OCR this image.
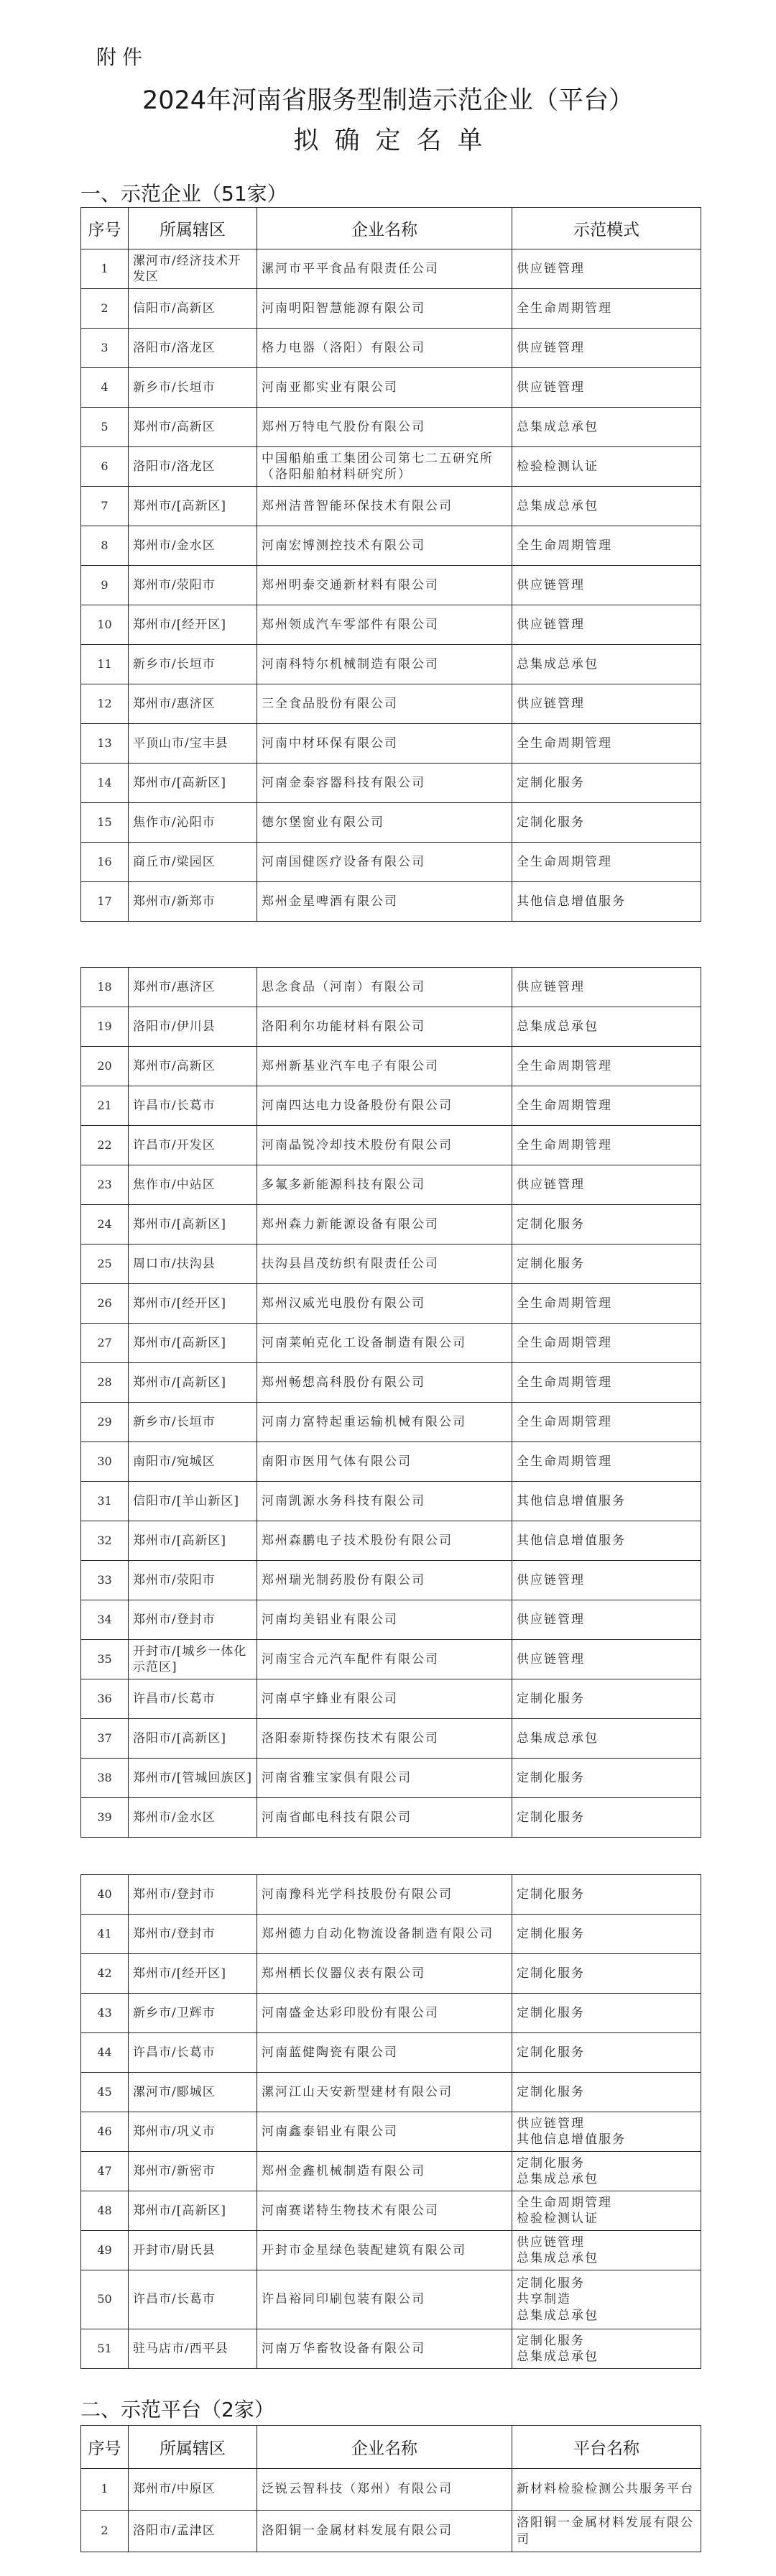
附件
2024年河南省服务型制造示范企业（平台）
拟确定名单
一、示范企业（51家）
序号	所属辖区	企业名称	示范模式
1	漯河市/经济技术开发区	漯河市平平食品有限责任公司	供应链管理
2	信阳市/高新区	河南明阳智慧能源有限公司	全生命周期管理
3	洛阳市/洛龙区	格力电器（洛阳）有限公司	供应链管理
4	新乡市/长垣市	河南亚都实业有限公司	供应链管理
5	郑州市/高新区	郑州万特电气股份有限公司	总集成总承包
6	洛阳市/洛龙区	中国船舶重工集团公司第七二五研究所（洛阳船舶材料研究所）	检验检测认证
7	郑州市/[高新区]	郑州洁普智能环保技术有限公司	总集成总承包
8	郑州市/金水区	河南宏博测控技术有限公司	全生命周期管理
9	郑州市/荥阳市	郑州明泰交通新材料有限公司	供应链管理
10	郑州市/[经开区]	郑州领成汽车零部件有限公司	供应链管理
11	新乡市/长垣市	河南科特尔机械制造有限公司	总集成总承包
12	郑州市/惠济区	三全食品股份有限公司	供应链管理
13	平顶山市/宝丰县	河南中材环保有限公司	全生命周期管理
14	郑州市/[高新区]	河南金泰容器科技有限公司	定制化服务
15	焦作市/沁阳市	德尔堡窗业有限公司	定制化服务
16	商丘市/梁园区	河南国健医疗设备有限公司	全生命周期管理
17	郑州市/新郑市	郑州金星啤酒有限公司	其他信息增值服务
18	郑州市/惠济区	思念食品（河南）有限公司	供应链管理
19	洛阳市/伊川县	洛阳利尔功能材料有限公司	总集成总承包
20	郑州市/高新区	郑州新基业汽车电子有限公司	全生命周期管理
21	许昌市/长葛市	河南四达电力设备股份有限公司	全生命周期管理
22	许昌市/开发区	河南晶锐冷却技术股份有限公司	全生命周期管理
23	焦作市/中站区	多氟多新能源科技有限公司	供应链管理
24	郑州市/[高新区]	郑州森力新能源设备有限公司	定制化服务
25	周口市/扶沟县	扶沟县昌茂纺织有限责任公司	定制化服务
26	郑州市/[经开区]	郑州汉威光电股份有限公司	全生命周期管理
27	郑州市/[高新区]	河南莱帕克化工设备制造有限公司	全生命周期管理
28	郑州市/[高新区]	郑州畅想高科股份有限公司	全生命周期管理
29	新乡市/长垣市	河南力富特起重运输机械有限公司	全生命周期管理
30	南阳市/宛城区	南阳市医用气体有限公司	全生命周期管理
31	信阳市/[羊山新区]	河南凯源水务科技有限公司	其他信息增值服务
32	郑州市/[高新区]	郑州森鹏电子技术股份有限公司	其他信息增值服务
33	郑州市/荥阳市	郑州瑞光制药股份有限公司	供应链管理
34	郑州市/登封市	河南均美铝业有限公司	供应链管理
35	开封市/[城乡一体化示范区]	河南宝合元汽车配件有限公司	供应链管理
36	许昌市/长葛市	河南卓宇蜂业有限公司	定制化服务
37	洛阳市/[高新区]	洛阳泰斯特探伤技术有限公司	总集成总承包
38	郑州市/[管城回族区]	河南省雅宝家俱有限公司	定制化服务
39	郑州市/金水区	河南省邮电科技有限公司	定制化服务
40	郑州市/登封市	河南豫科光学科技股份有限公司	定制化服务
41	郑州市/登封市	郑州德力自动化物流设备制造有限公司	定制化服务
42	郑州市/[经开区]	郑州栖长仪器仪表有限公司	定制化服务
43	新乡市/卫辉市	河南盛金达彩印股份有限公司	定制化服务
44	许昌市/长葛市	河南蓝健陶瓷有限公司	定制化服务
45	漯河市/郾城区	漯河江山天安新型建材有限公司	定制化服务
46	郑州市/巩义市	河南鑫泰铝业有限公司	供应链管理
其他信息增值服务
47	郑州市/新密市	郑州金鑫机械制造有限公司	定制化服务
总集成总承包
48	郑州市/[高新区]	河南赛诺特生物技术有限公司	全生命周期管理
检验检测认证
49	开封市/尉氏县	开封市金星绿色装配建筑有限公司	供应链管理
总集成总承包
50	许昌市/长葛市	许昌裕同印刷包装有限公司	定制化服务
共享制造
总集成总承包
51	驻马店市/西平县	河南万华畜牧设备有限公司	定制化服务
总集成总承包
二、示范平台（2家）
序号	所属辖区	企业名称	平台名称
1	郑州市/中原区	泛锐云智科技（郑州）有限公司	新材料检验检测公共服务平台
2	洛阳市/孟津区	洛阳铜一金属材料发展有限公司	洛阳铜一金属材料发展有限公司
